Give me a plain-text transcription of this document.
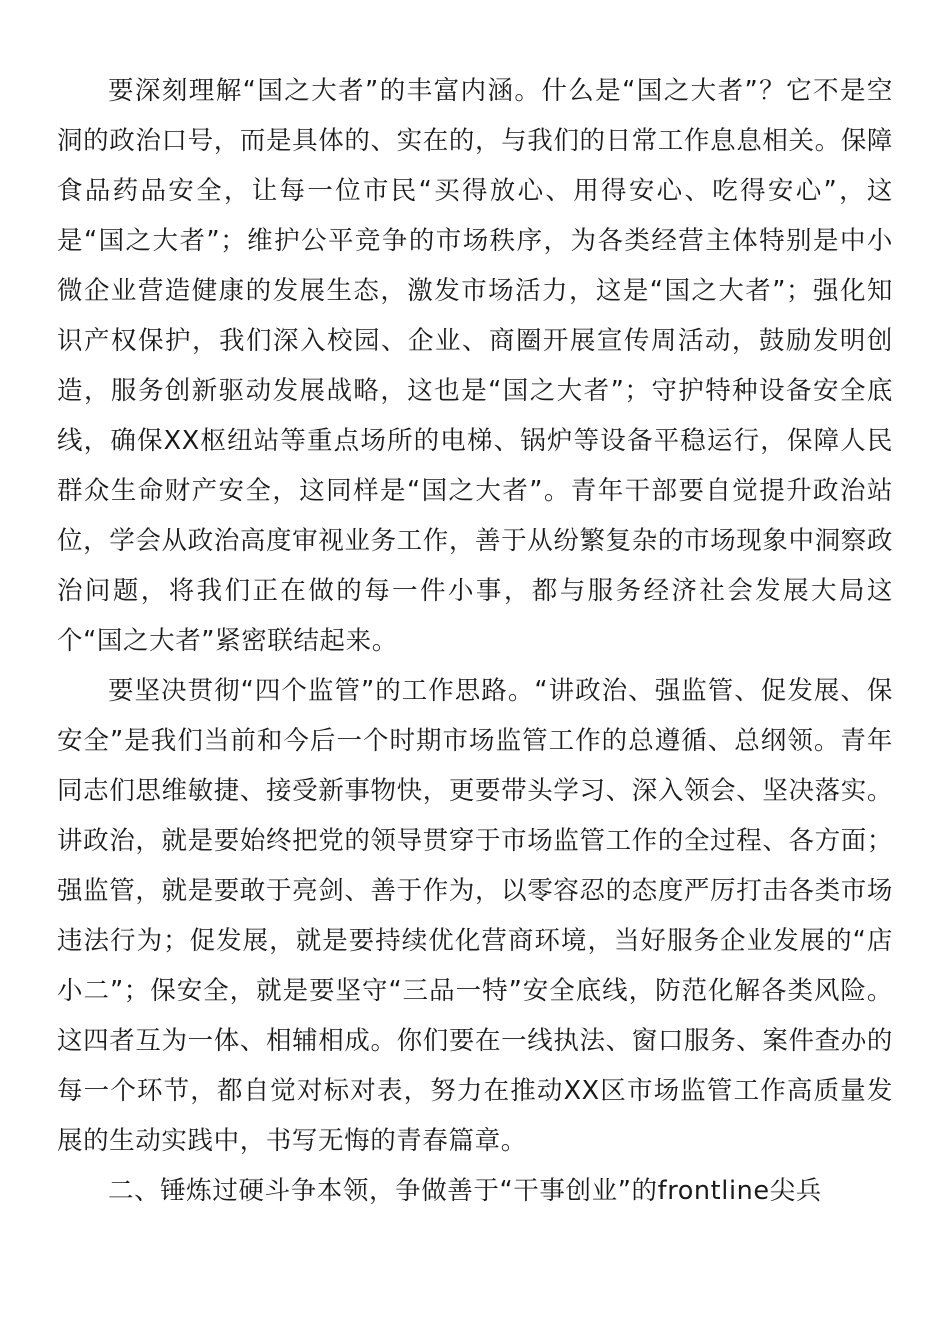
要深刻理解“国之大者”的丰富内涵。什么是“国之大者”？它不是空洞的政治口号，而是具体的、实在的，与我们的日常工作息息相关。保障食品药品安全，让每一位市民“买得放心、用得安心、吃得安心”，这是“国之大者”；维护公平竞争的市场秩序，为各类经营主体特别是中小微企业营造健康的发展生态，激发市场活力，这是“国之大者”；强化知识产权保护，我们深入校园、企业、商圈开展宣传周活动，鼓励发明创造，服务创新驱动发展战略，这也是“国之大者”；守护特种设备安全底线，确保XX枢纽站等重点场所的电梯、锅炉等设备平稳运行，保障人民群众生命财产安全，这同样是“国之大者”。青年干部要自觉提升政治站位，学会从政治高度审视业务工作，善于从纷繁复杂的市场现象中洞察政治问题，将我们正在做的每一件小事，都与服务经济社会发展大局这个“国之大者”紧密联结起来。

要坚决贯彻“四个监管”的工作思路。“讲政治、强监管、促发展、保安全”是我们当前和今后一个时期市场监管工作的总遵循、总纲领。青年同志们思维敏捷、接受新事物快，更要带头学习、深入领会、坚决落实。讲政治，就是要始终把党的领导贯穿于市场监管工作的全过程、各方面；强监管，就是要敢于亮剑、善于作为，以零容忍的态度严厉打击各类市场违法行为；促发展，就是要持续优化营商环境，当好服务企业发展的“店小二”；保安全，就是要坚守“三品一特”安全底线，防范化解各类风险。这四者互为一体、相辅相成。你们要在一线执法、窗口服务、案件查办的每一个环节，都自觉对标对表，努力在推动XX区市场监管工作高质量发展的生动实践中，书写无悔的青春篇章。

二、锤炼过硬斗争本领，争做善于“干事创业”的frontline尖兵
